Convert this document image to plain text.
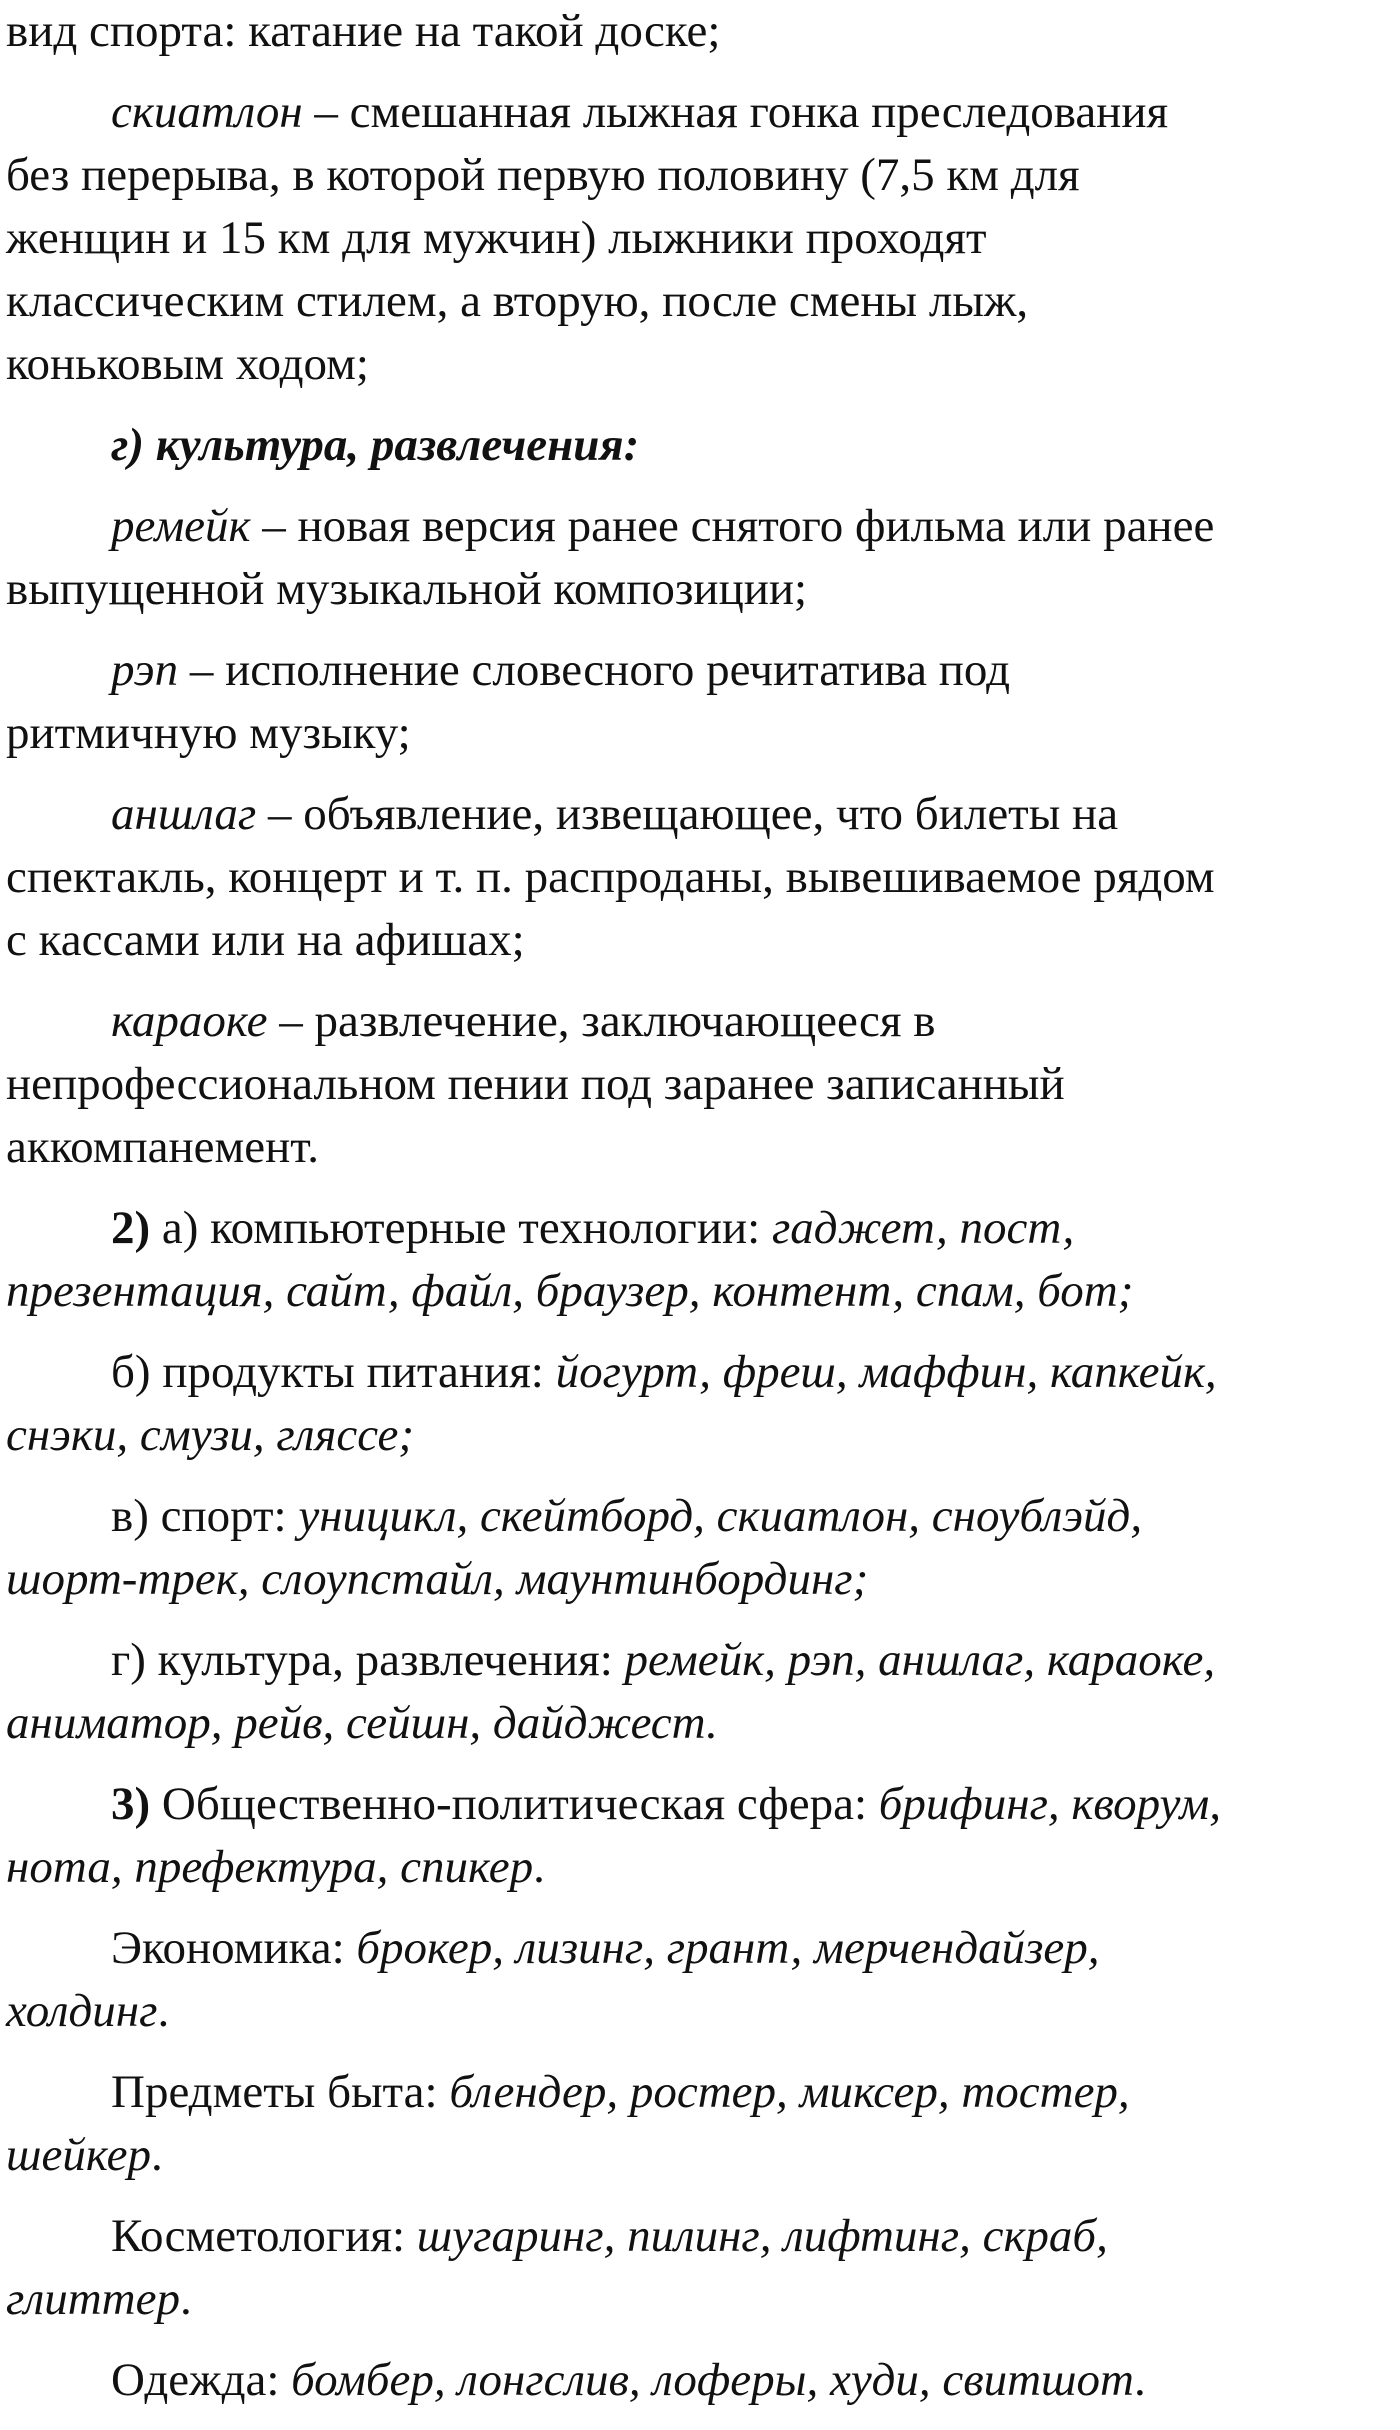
вид спорта: катание на такой доске;

скиатлон – смешанная лыжная гонка преследования
без перерыва, в которой первую половину (7,5 км для
женщин и 15 км для мужчин) лыжники проходят
классическим стилем, а вторую, после смены лыж,
коньковым ходом;

г) культура, развлечения:

ремейк – новая версия ранее снятого фильма или ранее
выпущенной музыкальной композиции;

рэп – исполнение словесного речитатива под
ритмичную музыку;

аншлаг – объявление, извещающее, что билеты на
спектакль, концерт и т. п. распроданы, вывешиваемое рядом
с кассами или на афишах;

караоке – развлечение, заключающееся в
непрофессиональном пении под заранее записанный
аккомпанемент.

2) а) компьютерные технологии: гаджет, пост,
презентация, сайт, файл, браузер, контент, спам, бот;

б) продукты питания: йогурт, фреш, маффин, капкейк,
снэки, смузи, гляссе;

в) спорт: уницикл, скейтборд, скиатлон, сноублэйд,
шорт-трек, слоупстайл, маунтинбординг;

г) культура, развлечения: ремейк, рэп, аншлаг, караоке,
аниматор, рейв, сейшн, дайджест.

3) Общественно-политическая сфера: брифинг, кворум,
нота, префектура, спикер.

Экономика: брокер, лизинг, грант, мерчендайзер,
холдинг.

Предметы быта: блендер, ростер, миксер, тостер,
шейкер.

Косметология: шугаринг, пилинг, лифтинг, скраб,
глиттер.

Одежда: бомбер, лонгслив, лоферы, худи, свитшот.
